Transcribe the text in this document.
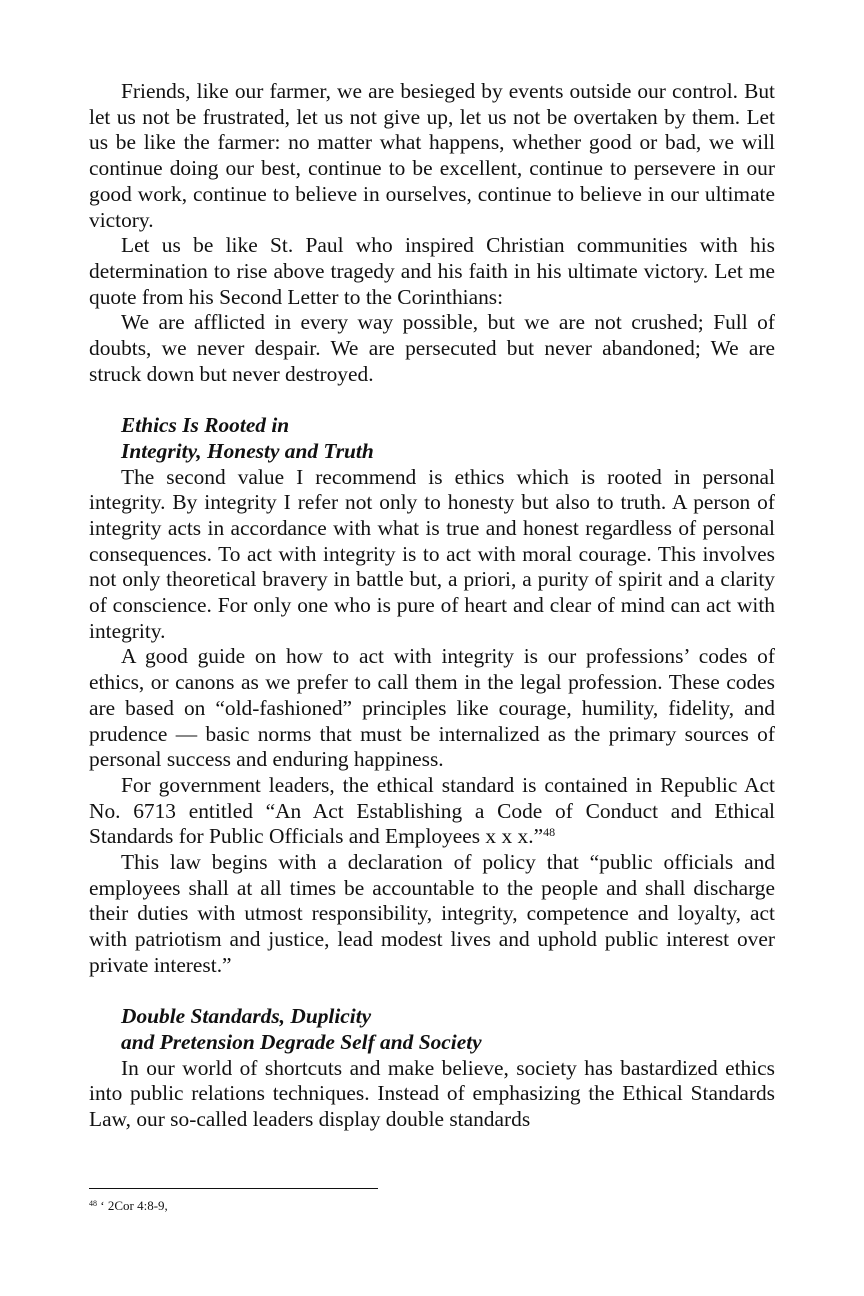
Friends, like our farmer, we are besieged by events outside our control. But let us not be frustrated, let us not give up, let us not be overtaken by them. Let us be like the farmer: no matter what happens, whether good or bad, we will continue doing our best, continue to be excellent, continue to persevere in our good work, continue to believe in ourselves, continue to believe in our ultimate victory.

Let us be like St. Paul who inspired Christian communities with his determination to rise above tragedy and his faith in his ultimate victory. Let me quote from his Second Letter to the Corinthians:

We are afflicted in every way possible, but we are not crushed; Full of doubts, we never despair. We are persecuted but never abandoned; We are struck down but never destroyed.

Ethics Is Rooted in
Integrity, Honesty and Truth

The second value I recommend is ethics which is rooted in personal integrity. By integrity I refer not only to honesty but also to truth. A person of integrity acts in accordance with what is true and honest regardless of personal consequences. To act with integrity is to act with moral courage. This involves not only theoretical bravery in battle but, a priori, a purity of spirit and a clarity of conscience. For only one who is pure of heart and clear of mind can act with integrity.

A good guide on how to act with integrity is our professions’ codes of ethics, or canons as we prefer to call them in the legal profession. These codes are based on “old-fashioned” principles like courage, humility, fidelity, and prudence — basic norms that must be internalized as the primary sources of personal success and enduring happiness.

For government leaders, the ethical standard is contained in Republic Act No. 6713 entitled “An Act Establishing a Code of Conduct and Ethical Standards for Public Officials and Employees x x x.”$^{48}$

This law begins with a declaration of policy that “public officials and employees shall at all times be accountable to the people and shall discharge their duties with utmost responsibility, integrity, competence and loyalty, act with patriotism and justice, lead modest lives and uphold public interest over private interest.”

Double Standards, Duplicity
and Pretension Degrade Self and Society

In our world of shortcuts and make believe, society has bastardized ethics into public relations techniques. Instead of emphasizing the Ethical Standards Law, our so-called leaders display double standards

$^{48}$ ‘ 2Cor 4:8-9,
